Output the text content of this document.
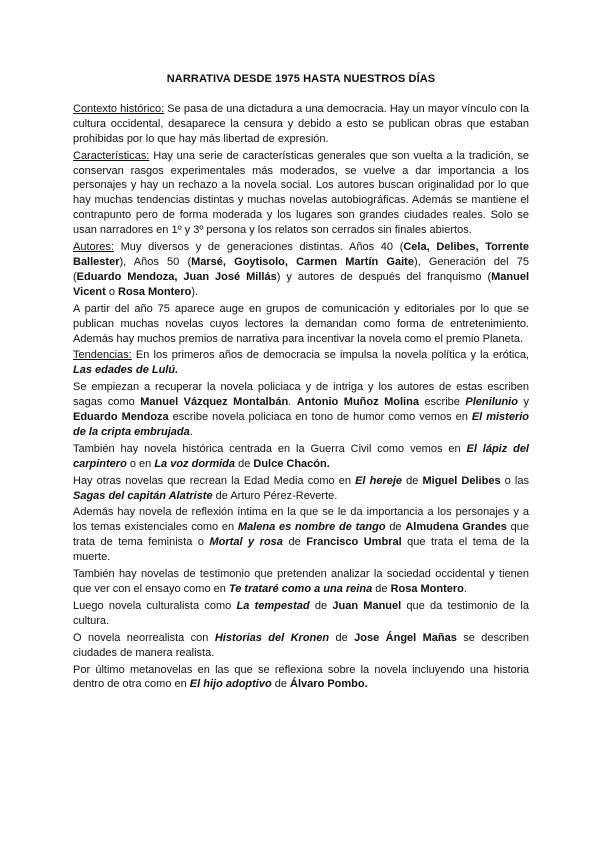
NARRATIVA DESDE 1975 HASTA NUESTROS DÍAS

Contexto histórico: Se pasa de una dictadura a una democracia. Hay un mayor vínculo con la cultura occidental, desaparece la censura y debido a esto se publican obras que estaban prohibidas por lo que hay más libertad de expresión.

Características: Hay una serie de características generales que son vuelta a la tradición, se conservan rasgos experimentales más moderados, se vuelve a dar importancia a los personajes y hay un rechazo a la novela social. Los autores buscan originalidad por lo que hay muchas tendencias distintas y muchas novelas autobiográficas. Además se mantiene el contrapunto pero de forma moderada y los lugares son grandes ciudades reales. Solo se usan narradores en 1º y 3º persona y los relatos son cerrados sin finales abiertos.

Autores: Muy diversos y de generaciones distintas. Años 40 (Cela, Delibes, Torrente Ballester), Años 50 (Marsé, Goytisolo, Carmen Martín Gaite), Generación del 75 (Eduardo Mendoza, Juan José Millás) y autores de después del franquismo (Manuel Vicent o Rosa Montero).

A partir del año 75 aparece auge en grupos de comunicación y editoriales por lo que se publican muchas novelas cuyos lectores la demandan como forma de entretenimiento. Además hay muchos premios de narrativa para incentivar la novela como el premio Planeta.

Tendencias: En los primeros años de democracia se impulsa la novela política y la erótica, Las edades de Lulú.

Se empiezan a recuperar la novela policiaca y de intriga y los autores de estas escriben sagas como Manuel Vázquez Montalbán. Antonio Muñoz Molina escribe Plenilunio y Eduardo Mendoza escribe novela policiaca en tono de humor como vemos en El misterio de la cripta embrujada.

También hay novela histórica centrada en la Guerra Civil como vemos en El lápiz del carpintero o en La voz dormida de Dulce Chacón.

Hay otras novelas que recrean la Edad Media como en El hereje de Miguel Delibes o las Sagas del capitán Alatriste de Arturo Pérez-Reverte.

Además hay novela de reflexión íntima en la que se le da importancia a los personajes y a los temas existenciales como en Malena es nombre de tango de Almudena Grandes que trata de tema feminista o Mortal y rosa de Francisco Umbral que trata el tema de la muerte.

También hay novelas de testimonio que pretenden analizar la sociedad occidental y tienen que ver con el ensayo como en Te trataré como a una reina de Rosa Montero.

Luego novela culturalista como La tempestad de Juan Manuel que da testimonio de la cultura.

O novela neorrealista con Historias del Kronen de Jose Ángel Mañas se describen ciudades de manera realista.

Por último metanovelas en las que se reflexiona sobre la novela incluyendo una historia dentro de otra como en El hijo adoptivo de Álvaro Pombo.
